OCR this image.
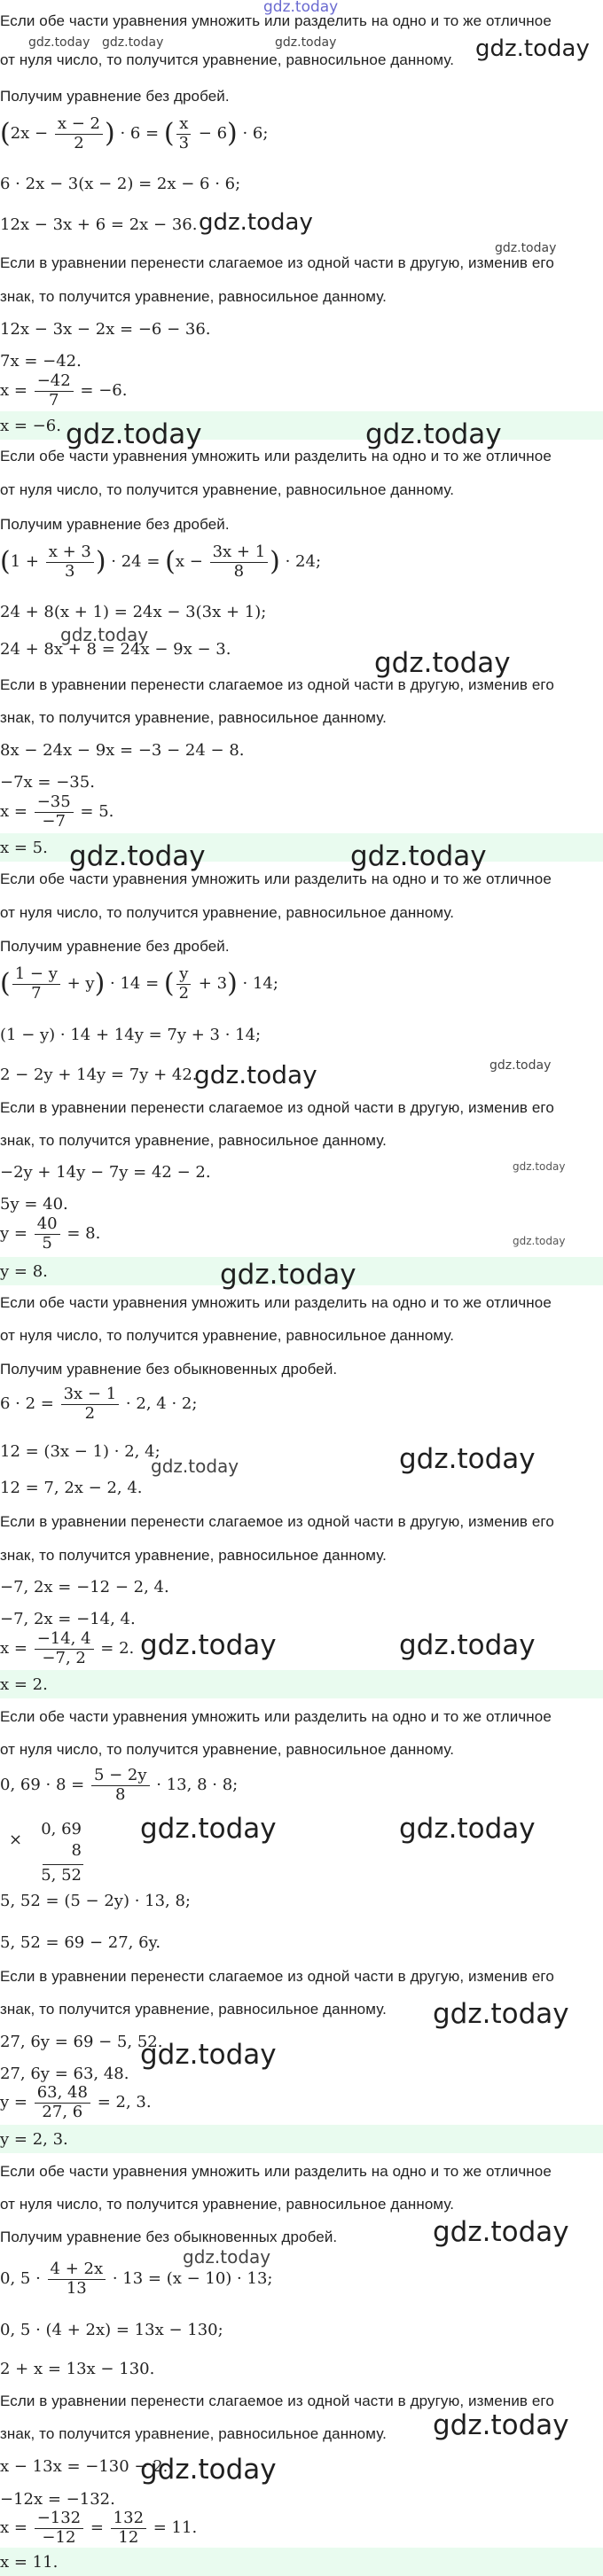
gdz.today
Если обе части уравнения умножить или разделить на одно и то же отличное
gdz.today gdz.today	gdz.today
от нуля число, то получится уравнение, равносильное данному. gdz.today
Получим уравнение без дробей.
($2x - \frac{x - 2}{2}$ ) · 6 = ( $\frac{x}{3} - 6) \cdot 6$;
6 · 2x − 3(x − 2) = 2x − 6 · 6;
12x − 3x + 6 = 2x − 36. gdz.today
gdz.today
Если в уравнении перенести слагаемое из одной части в другую, изменив его
знак, то получится уравнение, равносильное данному.
12x − 3x − 2x = −6 − 36.
7x = −42.
$x = \frac{-42}{7} = -6$.
x = −6. gdz.today	gdz.today
Если обе части уравнения умножить или разделить на одно и то же отличное
от нуля число, то получится уравнение, равносильное данному.
Получим уравнение без дробей.
($1 + \frac{x + 3}{3}$ ) · $24 = (x - \frac{3x + 1}{8}$ ) · 24;
24 + 8(x + 1) = 24x − 3(3x + 1);
gdz.today
24 + 8x + 8 = 24x − 9x − 3.	gdz.today
Если в уравнении перенести слагаемое из одной части в другую, изменив его
знак, то получится уравнение, равносильное данному.
8x − 24x − 9x = −3 − 24 − 8.
−7x = −35.
$x = \frac{-35}{-7} = 5$.
x = 5. gdz.today	gdz.today
Если обе части уравнения умножить или разделить на одно и то же отличное
от нуля число, то получится уравнение, равносильное данному.
Получим уравнение без дробей.
( $\frac{1 - y}{7} + y) \cdot 14$ = ( $\frac{y}{2} + 3) \cdot 14$;
(1 − y) · 14 + 14y = 7y + 3 · 14;
2 − 2y + 14y = 7y + 42.
gdz.today	gdz.today
Если в уравнении перенести слагаемое из одной части в другую, изменив его
знак, то получится уравнение, равносильное данному.
gdz.today
−2y + 14y − 7y = 42 − 2.
5y = 40.
$y = \frac{40}{5} = 8$.	gdz.today
y = 8.	gdz.today
Если обе части уравнения умножить или разделить на одно и то же отличное
от нуля число, то получится уравнение, равносильное данному.
Получим уравнение без обыкновенных дробей.
$6 \cdot 2 = \frac{3x - 1}{2} \cdot 2$, 4 · 2;
12 = (3x − 1) · 2, 4;
gdz.today	gdz.today
12 = 7, 2x − 2, 4.
Если в уравнении перенести слагаемое из одной части в другую, изменив его
знак, то получится уравнение, равносильное данному.
−7, 2x = −12 − 2, 4.
−7, 2x = −14, 4.
$x = \frac{-14, 4}{-7, 2} = 2$. gdz.today	gdz.today
x = 2.
Если обе части уравнения умножить или разделить на одно и то же отличное
от нуля число, то получится уравнение, равносильное данному.
0, $69 \cdot 8 = \frac{5 - 2y}{8} \cdot 13$, 8 · 8;
×
0, 69
8
5, 52
gdz.today	gdz.today
5, 52 = (5 − 2y) · 13, 8;
5, 52 = 69 − 27, 6y.
Если в уравнении перенести слагаемое из одной части в другую, изменив его
знак, то получится уравнение, равносильное данному. gdz.today
27, 6y = 69 − 5, 52.
27, 6y = 63, 48.
gdz.today
$y = \frac{63, 48}{27, 6} = 2$, 3.
y = 2, 3.
Если обе части уравнения умножить или разделить на одно и то же отличное
от нуля число, то получится уравнение, равносильное данному.
Получим уравнение без обыкновенных дробей.	gdz.today
gdz.today
0, $5 \cdot \frac{4 + 2x}{13} \cdot 13 = (x - 10) \cdot 13$;
0, 5 · (4 + 2x) = 13x − 130;
2 + x = 13x − 130.
Если в уравнении перенести слагаемое из одной части в другую, изменив его
знак, то получится уравнение, равносильное данному. gdz.today
x − 13x = −130 − 2.
−12x = −132.
gdz.today
$x = \frac{-132}{-12} = \frac{132}{12} = 11$.
x = 11.
